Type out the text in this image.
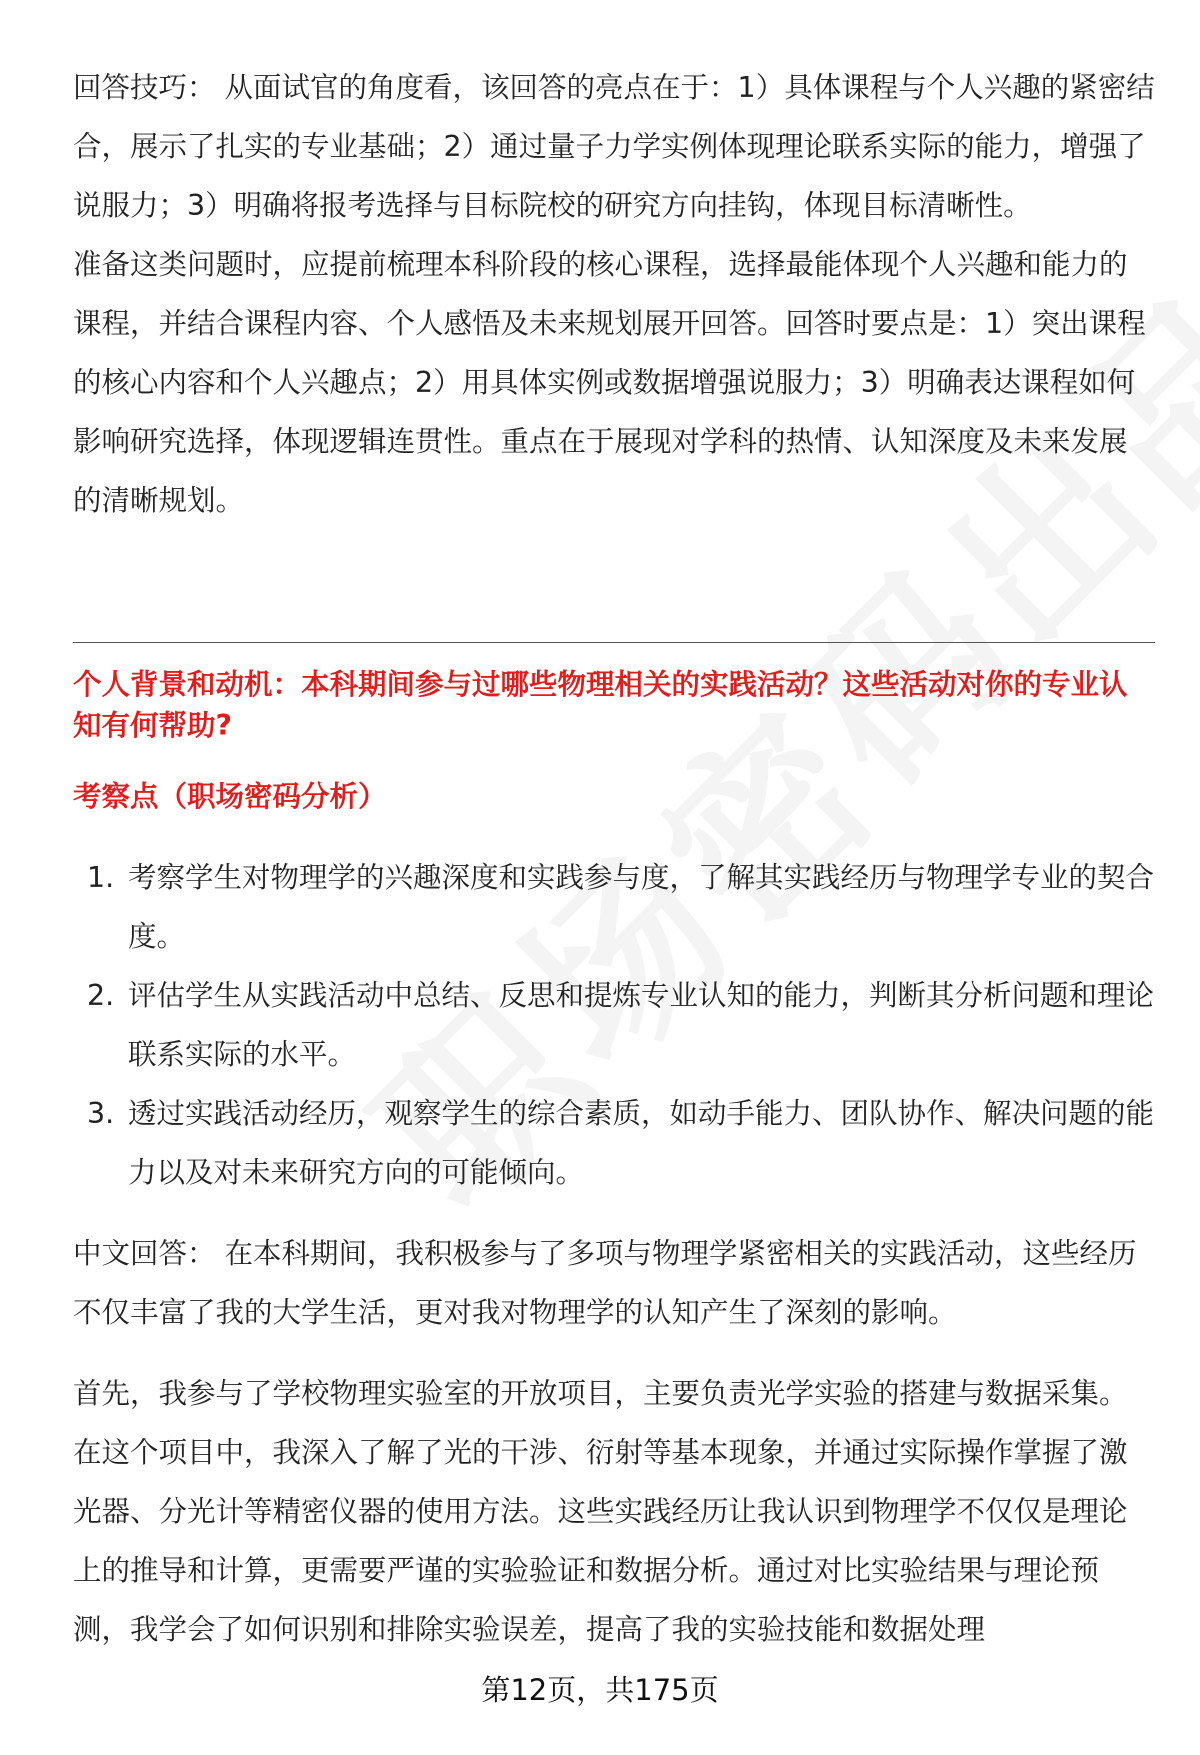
回答技巧： 从面试官的角度看，该回答的亮点在于：1）具体课程与个人兴趣的紧密结合，展示了扎实的专业基础；2）通过量子力学实例体现理论联系实际的能力，增强了说服力；3）明确将报考选择与目标院校的研究方向挂钩，体现目标清晰性。

准备这类问题时，应提前梳理本科阶段的核心课程，选择最能体现个人兴趣和能力的课程，并结合课程内容、个人感悟及未来规划展开回答。回答时要点是：1）突出课程的核心内容和个人兴趣点；2）用具体实例或数据增强说服力；3）明确表达课程如何影响研究选择，体现逻辑连贯性。重点在于展现对学科的热情、认知深度及未来发展的清晰规划。

个人背景和动机：本科期间参与过哪些物理相关的实践活动？这些活动对你的专业认知有何帮助?

考察点（职场密码分析）

1. 考察学生对物理学的兴趣深度和实践参与度，了解其实践经历与物理学专业的契合度。
2. 评估学生从实践活动中总结、反思和提炼专业认知的能力，判断其分析问题和理论联系实际的水平。
3. 透过实践活动经历，观察学生的综合素质，如动手能力、团队协作、解决问题的能力以及对未来研究方向的可能倾向。

中文回答： 在本科期间，我积极参与了多项与物理学紧密相关的实践活动，这些经历不仅丰富了我的大学生活，更对我对物理学的认知产生了深刻的影响。

首先，我参与了学校物理实验室的开放项目，主要负责光学实验的搭建与数据采集。在这个项目中，我深入了解了光的干涉、衍射等基本现象，并通过实际操作掌握了激光器、分光计等精密仪器的使用方法。这些实践经历让我认识到物理学不仅仅是理论上的推导和计算，更需要严谨的实验验证和数据分析。通过对比实验结果与理论预测，我学会了如何识别和排除实验误差，提高了我的实验技能和数据处理

第12页，共175页
